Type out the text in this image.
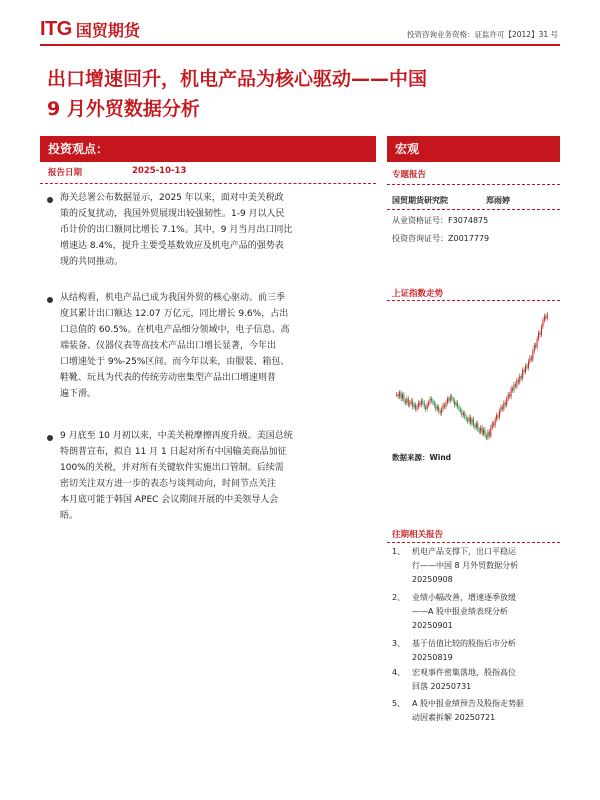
ITG 国贸期货	投资咨询业务资格：证监许可【2012】31 号
出口增速回升，机电产品为核心驱动——中国
9 月外贸数据分析
投资观点：	宏观
报告日期	2025-10-13
海关总署公布数据显示，2025 年以来，面对中美关税政
策的反复扰动，我国外贸展现出较强韧性。1-9 月以人民
币计价的出口额同比增长 7.1%。其中，9 月当月出口同比
增速达 8.4%，提升主要受基数效应及机电产品的强势表
现的共同推动。
从结构看，机电产品已成为我国外贸的核心驱动。前三季
度其累计出口额达 12.07 万亿元，同比增长 9.6%，占出
口总值的 60.5%。在机电产品细分领域中，电子信息、高
端装备、仪器仪表等高技术产品出口增长显著，今年出
口增速处于 9%-25%区间。而今年以来，由服装、箱包、
鞋靴、玩具为代表的传统劳动密集型产品出口增速则普
遍下滑。
9 月底至 10 月初以来，中美关税摩擦再度升级。美国总统
特朗普宣布，拟自 11 月 1 日起对所有中国输美商品加征
100%的关税，并对所有关键软件实施出口管制。后续需
密切关注双方进一步的表态与谈判动向，时间节点关注
本月底可能于韩国 APEC 会议期间开展的中美领导人会
晤。
专题报告
国贸期货研究院	郑雨婷
从业资格证号：F3074875
投资咨询证号：Z0017779
上证指数走势
数据来源：Wind
往期相关报告
1、 机电产品支撑下，出口平稳运
行——中国 8 月外贸数据分析
20250908
2、 业绩小幅改善，增速逐季放缓
——A 股中报业绩表现分析
20250901
3、 基于估值比较的股指后市分析
20250819
4、 宏观事件密集落地，股指高位
回落 20250731
5、 A 股中报业绩预告及股指走势驱
动因素拆解 20250721
